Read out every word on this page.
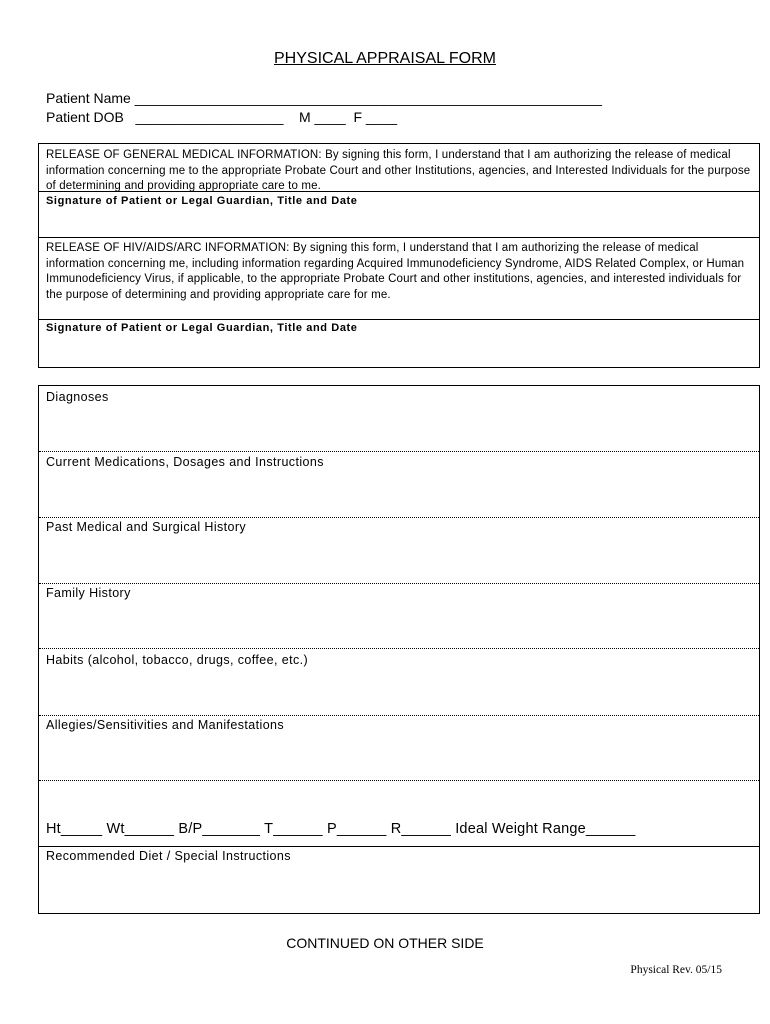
PHYSICAL APPRAISAL FORM
Patient Name ____________________________________________________________
Patient DOB   ___________________    M ____  F ____
RELEASE OF GENERAL MEDICAL INFORMATION: By signing this form, I understand that I am authorizing the release of medical information concerning me to the appropriate Probate Court and other Institutions, agencies, and Interested Individuals for the purpose of determining and providing appropriate care to me.
Signature of Patient or Legal Guardian, Title and Date
RELEASE OF HIV/AIDS/ARC INFORMATION: By signing this form, I understand that I am authorizing the release of medical information concerning me, including information regarding Acquired Immunodeficiency Syndrome, AIDS Related Complex, or Human Immunodeficiency Virus, if applicable, to the appropriate Probate Court and other institutions, agencies, and interested individuals for the purpose of determining and providing appropriate care for me.
Signature of Patient or Legal Guardian, Title and Date
Diagnoses
Current Medications, Dosages and Instructions
Past Medical and Surgical History
Family History
Habits (alcohol, tobacco, drugs, coffee, etc.)
Allegies/Sensitivities and Manifestations
Ht_____ Wt______ B/P_______ T______ P______ R______ Ideal Weight Range______
Recommended Diet / Special Instructions
CONTINUED ON OTHER SIDE
Physical Rev. 05/15
